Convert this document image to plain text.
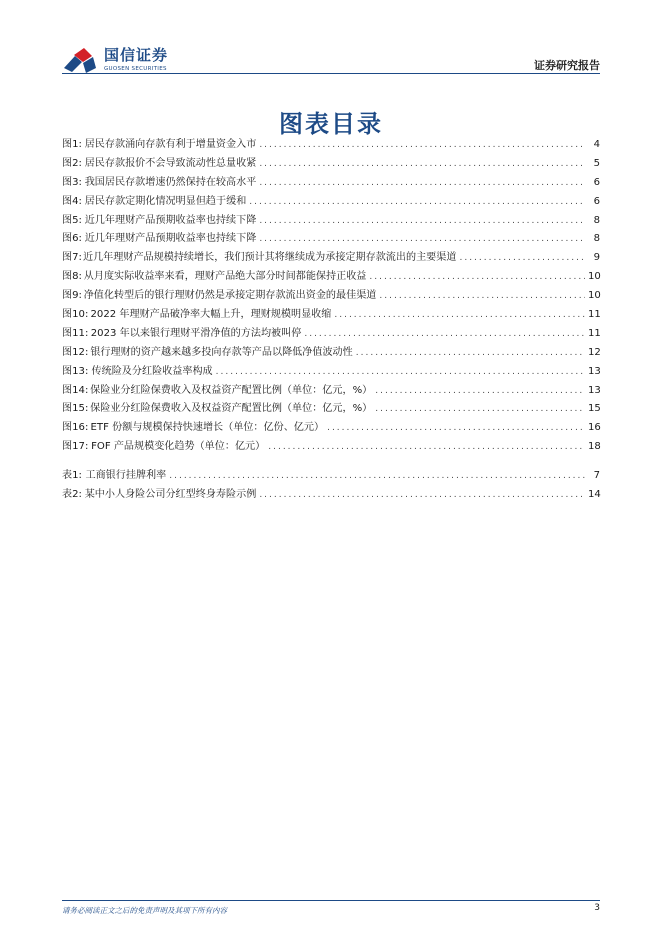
国信证券
GUOSEN SECURITIES	证券研究报告
图表目录
图1: 居民存款涌向存款有利于增量资金入市 .....	4
图2: 居民存款报价不会导致流动性总量收紧 .....	5
图3: 我国居民存款增速仍然保持在较高水平 .....	6
图4: 居民存款定期化情况明显但趋于缓和 .....	6
图5: 近几年理财产品预期收益率也持续下降 .....	8
图6: 近几年理财产品预期收益率也持续下降 .....	8
图7: 近几年理财产品规模持续增长，我们预计其将继续成为承接定期存款流出的主要渠道 .....	9
图8: 从月度实际收益率来看，理财产品绝大部分时间都能保持正收益 .....	10
图9: 净值化转型后的银行理财仍然是承接定期存款流出资金的最佳渠道 .....	10
图10: 2022 年理财产品破净率大幅上升，理财规模明显收缩 .....	11
图11: 2023 年以来银行理财平滑净值的方法均被叫停 .....	11
图12: 银行理财的资产越来越多投向存款等产品以降低净值波动性 .....	12
图13: 传统险及分红险收益率构成 .....	13
图14: 保险业分红险保费收入及权益资产配置比例（单位：亿元，%） .....	13
图15: 保险业分红险保费收入及权益资产配置比例（单位：亿元，%） .....	15
图16: ETF 份额与规模保持快速增长（单位：亿份、亿元） .....	16
图17: FOF 产品规模变化趋势（单位：亿元） .....	18
表1: 工商银行挂牌利率 .....	7
表2: 某中小人身险公司分红型终身寿险示例 .....	14
请务必阅读正文之后的免责声明及其项下所有内容	3
